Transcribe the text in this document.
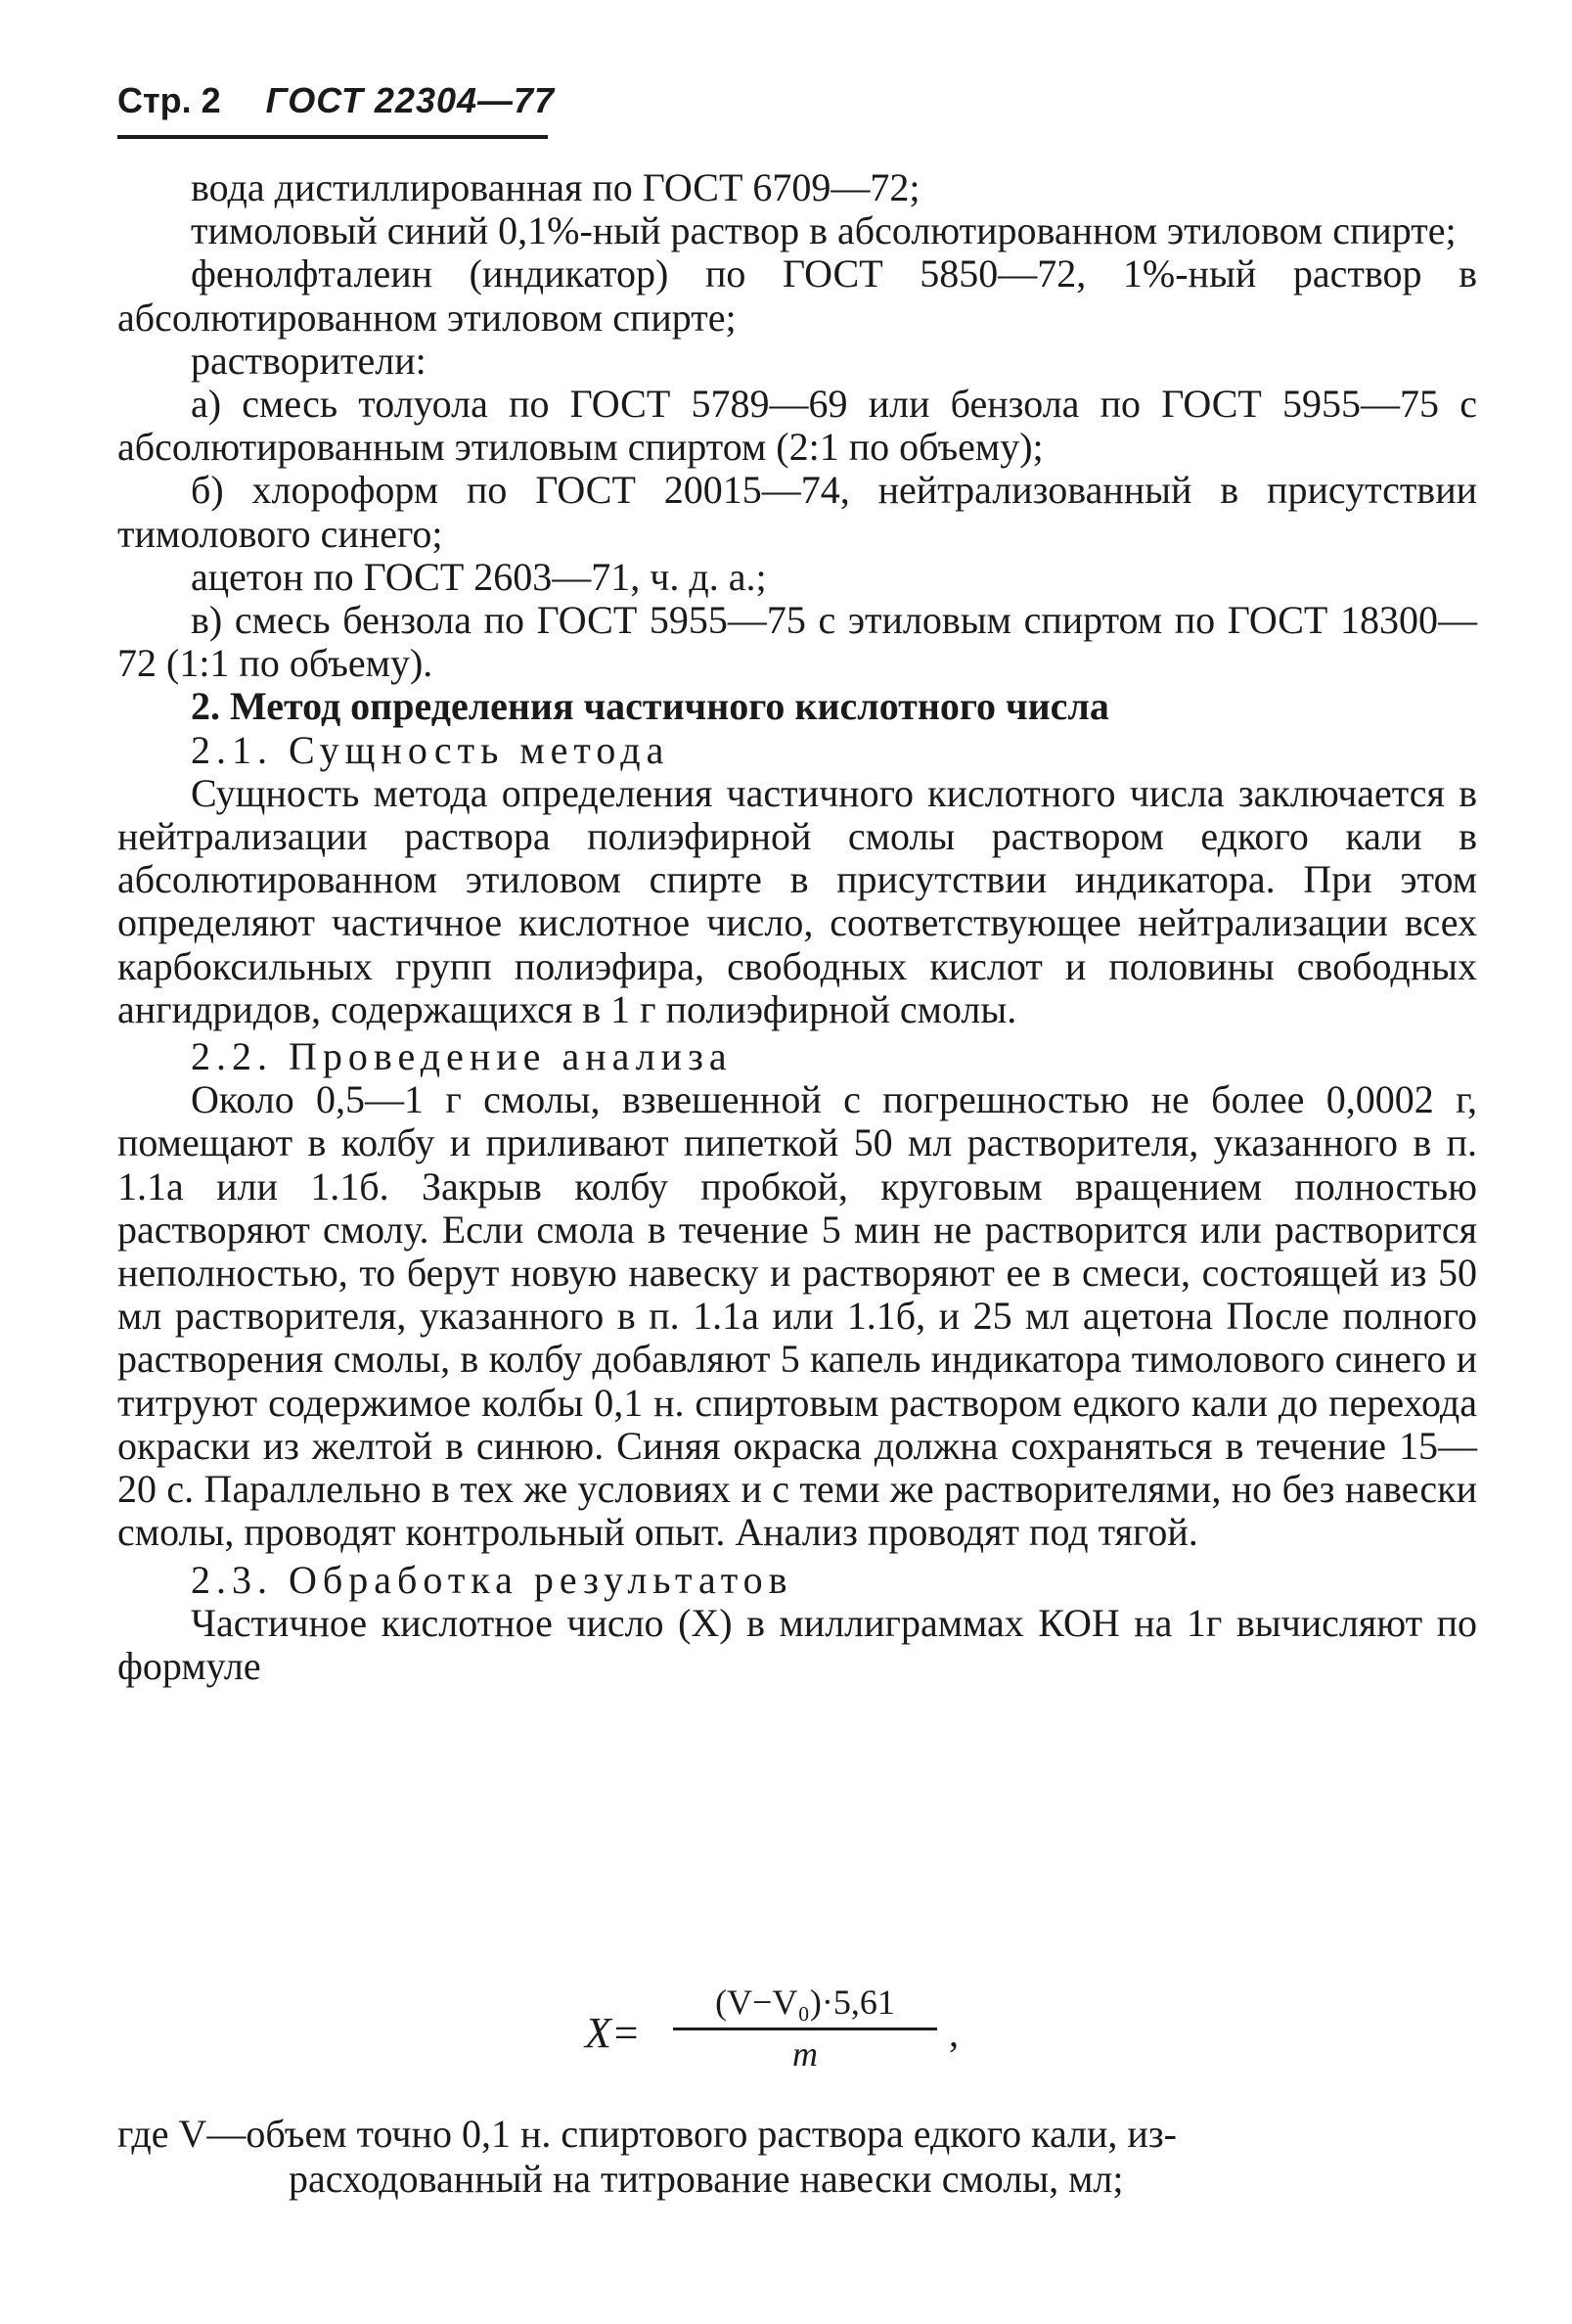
Стр. 2 ГОСТ 22304—77

вода дистиллированная по ГОСТ 6709—72;

тимоловый синий 0,1%-ный раствор в абсолютированном этиловом спирте;

фенолфталеин (индикатор) по ГОСТ 5850—72, 1%-ный раствор в абсолютированном этиловом спирте;

растворители:

а) смесь толуола по ГОСТ 5789—69 или бензола по ГОСТ 5955—75 с абсолютированным этиловым спиртом (2:1 по объему);

б) хлороформ по ГОСТ 20015—74, нейтрализованный в присутствии тимолового синего;

ацетон по ГОСТ 2603—71, ч. д. а.;

в) смесь бензола по ГОСТ 5955—75 с этиловым спиртом по ГОСТ 18300—72 (1:1 по объему).

2. Метод определения частичного кислотного числа

2.1. Сущность метода

Сущность метода определения частичного кислотного числа заключается в нейтрализации раствора полиэфирной смолы раствором едкого кали в абсолютированном этиловом спирте в присутствии индикатора. При этом определяют частичное кислотное число, соответствующее нейтрализации всех карбоксильных групп полиэфира, свободных кислот и половины свободных ангидридов, содержащихся в 1 г полиэфирной смолы.

2.2. Проведение анализа

Около 0,5—1 г смолы, взвешенной с погрешностью не более 0,0002 г, помещают в колбу и приливают пипеткой 50 мл растворителя, указанного в п. 1.1а или 1.1б. Закрыв колбу пробкой, круговым вращением полностью растворяют смолу. Если смола в течение 5 мин не растворится или растворится неполностью, то берут новую навеску и растворяют ее в смеси, состоящей из 50 мл растворителя, указанного в п. 1.1а или 1.1б, и 25 мл ацетона После полного растворения смолы, в колбу добавляют 5 капель индикатора тимолового синего и титруют содержимое колбы 0,1 н. спиртовым раствором едкого кали до перехода окраски из желтой в синюю. Синяя окраска должна сохраняться в течение 15—20 с. Параллельно в тех же условиях и с теми же растворителями, но без навески смолы, проводят контрольный опыт. Анализ проводят под тягой.

2.3. Обработка результатов

Частичное кислотное число (X) в миллиграммах КОН на 1г вычисляют по формуле

X=
(V−V₀)·5,61
m	,
где V—объем точно 0,1 н. спиртового раствора едкого кали, из-
расходованный на титрование навески смолы, мл;
